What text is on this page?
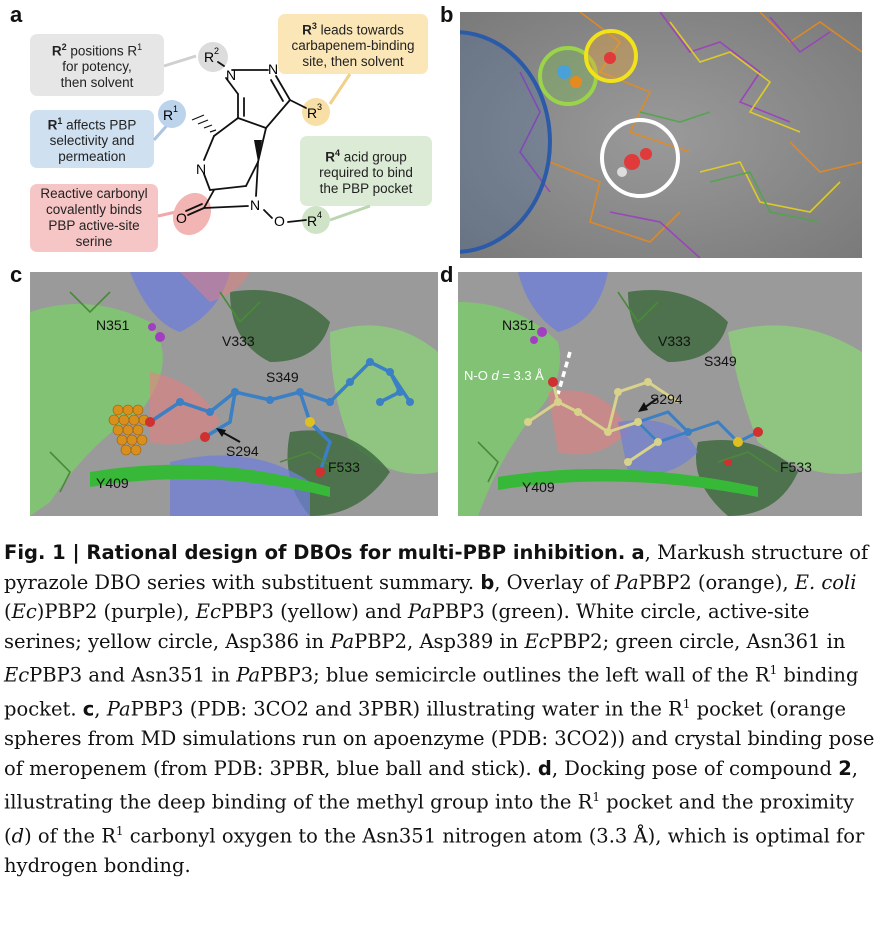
a	b
c	d
$R^2$ positions $R^1$
for potency,
then solvent
$R^1$ affects PBP
selectivity and
permeation
Reactive carbonyl
covalently binds
PBP active-site
serine
$R^3$ leads towards
carbapenem-binding
site, then solvent
$R^4$ acid group
required to bind
the PBP pocket
N N
N
N
O
O
R 2
R 1	R 3
R 4
N351
V333
S349
S294
Y409
F533
N351
V333
S349
S294
Y409
F533
N-O d = 3.3 Å
Fig. 1 | Rational design of DBOs for multi-PBP inhibition. a, Markush structure of pyrazole DBO series with substituent summary. b, Overlay of PaPBP2 (orange), E. coli (Ec)PBP2 (purple), EcPBP3 (yellow) and PaPBP3 (green). White circle, active-site serines; yellow circle, Asp386 in PaPBP2, Asp389 in EcPBP2; green circle, Asn361 in EcPBP3 and Asn351 in PaPBP3; blue semicircle outlines the left wall of the $R^1$ binding pocket. c, PaPBP3 (PDB: 3CO2 and 3PBR) illustrating water in the $R^1$ pocket (orange spheres from MD simulations run on apoenzyme (PDB: 3CO2)) and crystal binding pose of meropenem (from PDB: 3PBR, blue ball and stick). d, Docking pose of compound 2, illustrating the deep binding of the methyl group into the $R^1$ pocket and the proximity (d) of the $R^1$ carbonyl oxygen to the Asn351 nitrogen atom (3.3 Å), which is optimal for hydrogen bonding.
